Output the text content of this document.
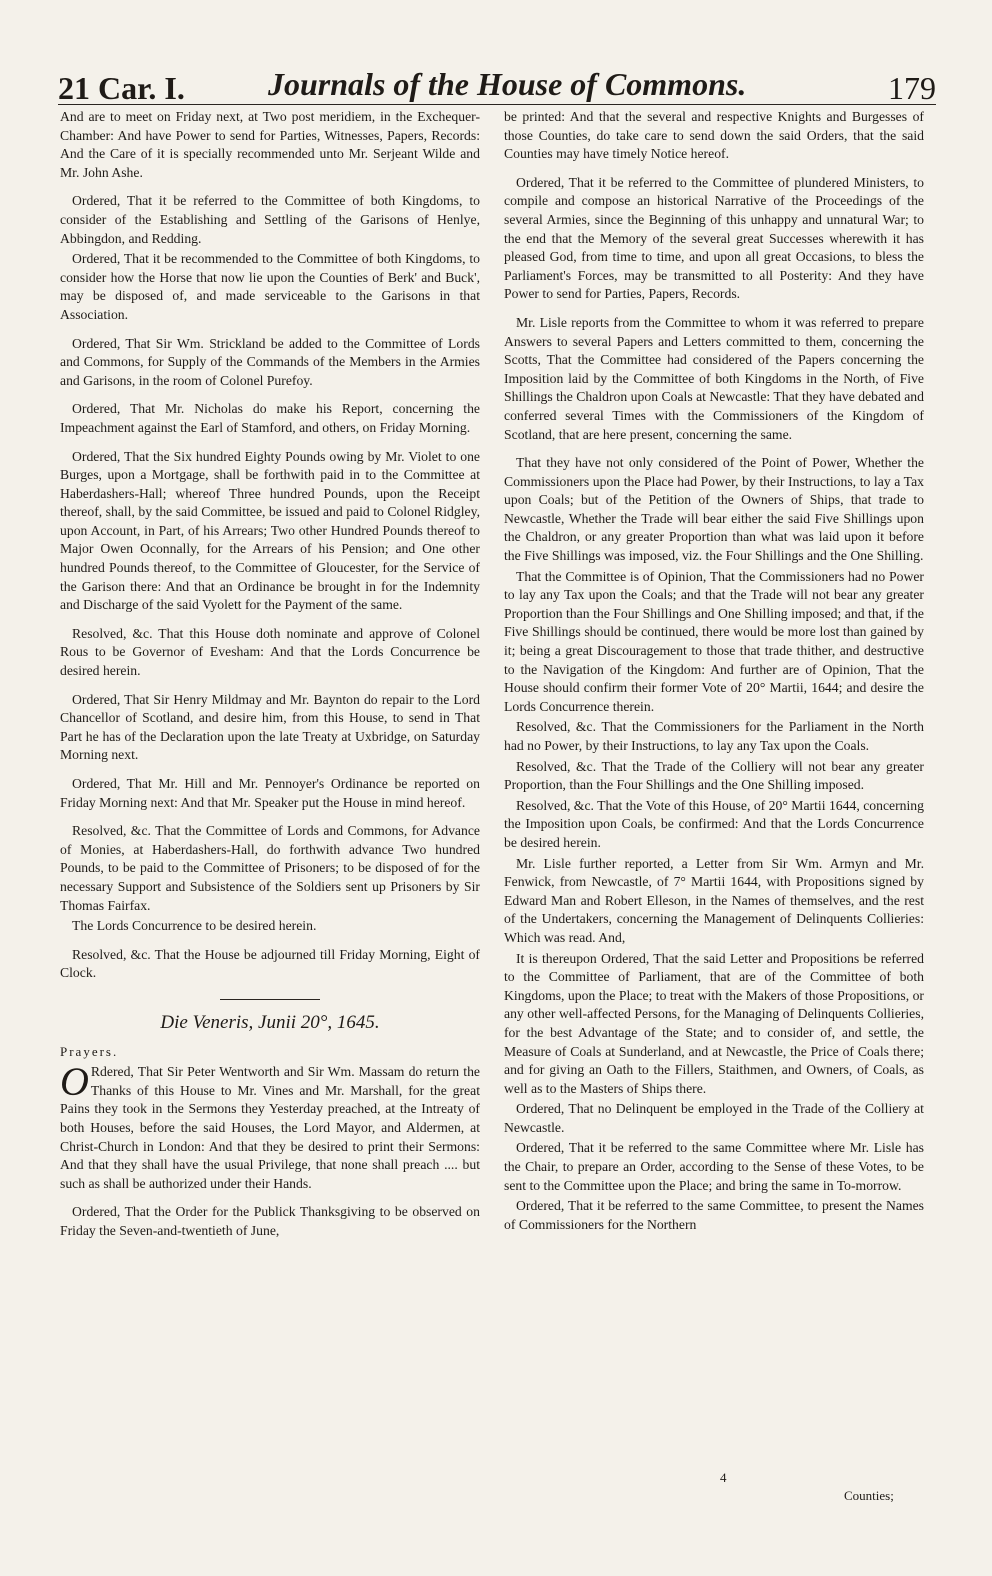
21 Car. I.	Journals of the House of Commons.	179

And are to meet on Friday next, at Two post meridiem, in the Exchequer-Chamber: And have Power to send for Parties, Witnesses, Papers, Records: And the Care of it is specially recommended unto Mr. Serjeant Wilde and Mr. John Ashe.

Ordered, That it be referred to the Committee of both Kingdoms, to consider of the Establishing and Settling of the Garisons of Henlye, Abbingdon, and Redding.

Ordered, That it be recommended to the Committee of both Kingdoms, to consider how the Horse that now lie upon the Counties of Berk' and Buck', may be disposed of, and made serviceable to the Garisons in that Association.

Ordered, That Sir Wm. Strickland be added to the Committee of Lords and Commons, for Supply of the Commands of the Members in the Armies and Garisons, in the room of Colonel Purefoy.

Ordered, That Mr. Nicholas do make his Report, concerning the Impeachment against the Earl of Stamford, and others, on Friday Morning.

Ordered, That the Six hundred Eighty Pounds owing by Mr. Violet to one Burges, upon a Mortgage, shall be forthwith paid in to the Committee at Haberdashers-Hall; whereof Three hundred Pounds, upon the Receipt thereof, shall, by the said Committee, be issued and paid to Colonel Ridgley, upon Account, in Part, of his Arrears; Two other Hundred Pounds thereof to Major Owen Oconnally, for the Arrears of his Pension; and One other hundred Pounds thereof, to the Committee of Gloucester, for the Service of the Garison there: And that an Ordinance be brought in for the Indemnity and Discharge of the said Vyolett for the Payment of the same.

Resolved, &c. That this House doth nominate and approve of Colonel Rous to be Governor of Evesham: And that the Lords Concurrence be desired herein.

Ordered, That Sir Henry Mildmay and Mr. Baynton do repair to the Lord Chancellor of Scotland, and desire him, from this House, to send in That Part he has of the Declaration upon the late Treaty at Uxbridge, on Saturday Morning next.

Ordered, That Mr. Hill and Mr. Pennoyer's Ordinance be reported on Friday Morning next: And that Mr. Speaker put the House in mind hereof.

Resolved, &c. That the Committee of Lords and Commons, for Advance of Monies, at Haberdashers-Hall, do forthwith advance Two hundred Pounds, to be paid to the Committee of Prisoners; to be disposed of for the necessary Support and Subsistence of the Soldiers sent up Prisoners by Sir Thomas Fairfax.

The Lords Concurrence to be desired herein.

Resolved, &c. That the House be adjourned till Friday Morning, Eight of Clock.

Die Veneris, Junii 20°, 1645.

Prayers.

O Rdered, That Sir Peter Wentworth and Sir Wm. Massam do return the Thanks of this House to Mr. Vines and Mr. Marshall, for the great Pains they took in the Sermons they Yesterday preached, at the Intreaty of both Houses, before the said Houses, the Lord Mayor, and Aldermen, at Christ-Church in London: And that they be desired to print their Sermons: And that they shall have the usual Privilege, that none shall preach .... but such as shall be authorized under their Hands.

Ordered, That the Order for the Publick Thanksgiving to be observed on Friday the Seven-and-twentieth of June,

be printed: And that the several and respective Knights and Burgesses of those Counties, do take care to send down the said Orders, that the said Counties may have timely Notice hereof.

Ordered, That it be referred to the Committee of plundered Ministers, to compile and compose an historical Narrative of the Proceedings of the several Armies, since the Beginning of this unhappy and unnatural War; to the end that the Memory of the several great Successes wherewith it has pleased God, from time to time, and upon all great Occasions, to bless the Parliament's Forces, may be transmitted to all Posterity: And they have Power to send for Parties, Papers, Records.

Mr. Lisle reports from the Committee to whom it was referred to prepare Answers to several Papers and Letters committed to them, concerning the Scotts, That the Committee had considered of the Papers concerning the Imposition laid by the Committee of both Kingdoms in the North, of Five Shillings the Chaldron upon Coals at Newcastle: That they have debated and conferred several Times with the Commissioners of the Kingdom of Scotland, that are here present, concerning the same.

That they have not only considered of the Point of Power, Whether the Commissioners upon the Place had Power, by their Instructions, to lay a Tax upon Coals; but of the Petition of the Owners of Ships, that trade to Newcastle, Whether the Trade will bear either the said Five Shillings upon the Chaldron, or any greater Proportion than what was laid upon it before the Five Shillings was imposed, viz. the Four Shillings and the One Shilling.

That the Committee is of Opinion, That the Commissioners had no Power to lay any Tax upon the Coals; and that the Trade will not bear any greater Proportion than the Four Shillings and One Shilling imposed; and that, if the Five Shillings should be continued, there would be more lost than gained by it; being a great Discouragement to those that trade thither, and destructive to the Navigation of the Kingdom: And further are of Opinion, That the House should confirm their former Vote of 20° Martii, 1644; and desire the Lords Concurrence therein.

Resolved, &c. That the Commissioners for the Parliament in the North had no Power, by their Instructions, to lay any Tax upon the Coals.

Resolved, &c. That the Trade of the Colliery will not bear any greater Proportion, than the Four Shillings and the One Shilling imposed.

Resolved, &c. That the Vote of this House, of 20° Martii 1644, concerning the Imposition upon Coals, be confirmed: And that the Lords Concurrence be desired herein.

Mr. Lisle further reported, a Letter from Sir Wm. Armyn and Mr. Fenwick, from Newcastle, of 7° Martii 1644, with Propositions signed by Edward Man and Robert Elleson, in the Names of themselves, and the rest of the Undertakers, concerning the Management of Delinquents Collieries: Which was read. And,

It is thereupon Ordered, That the said Letter and Propositions be referred to the Committee of Parliament, that are of the Committee of both Kingdoms, upon the Place; to treat with the Makers of those Propositions, or any other well-affected Persons, for the Managing of Delinquents Collieries, for the best Advantage of the State; and to consider of, and settle, the Measure of Coals at Sunderland, and at Newcastle, the Price of Coals there; and for giving an Oath to the Fillers, Staithmen, and Owners, of Coals, as well as to the Masters of Ships there.

Ordered, That no Delinquent be employed in the Trade of the Colliery at Newcastle.

Ordered, That it be referred to the same Committee where Mr. Lisle has the Chair, to prepare an Order, according to the Sense of these Votes, to be sent to the Committee upon the Place; and bring the same in To-morrow.

Ordered, That it be referred to the same Committee, to present the Names of Commissioners for the Northern

4
Counties;
